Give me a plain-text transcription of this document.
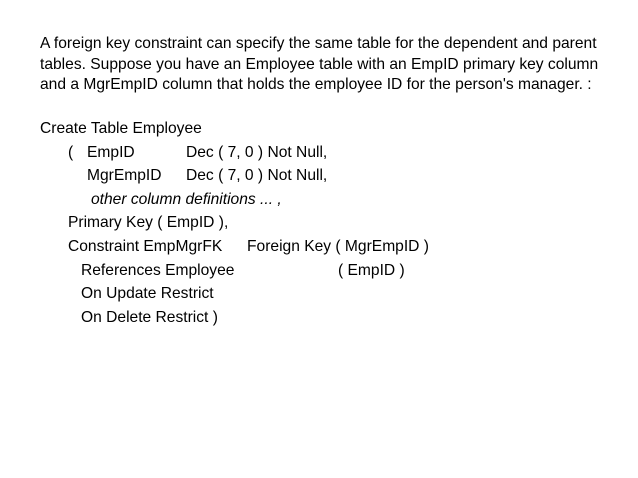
A foreign key constraint can specify the same table for the dependent and parent
tables. Suppose you have an Employee table with an EmpID primary key column
and a MgrEmpID column that holds the employee ID for the person's manager. :
Create Table Employee
( EmpID	Dec ( 7, 0 ) Not Null,
MgrEmpID Dec ( 7, 0 ) Not Null,
other column definitions ... ,
Primary Key ( EmpID ),
Constraint EmpMgrFK Foreign Key ( MgrEmpID )
References Employee	( EmpID )
On Update Restrict
On Delete Restrict )
